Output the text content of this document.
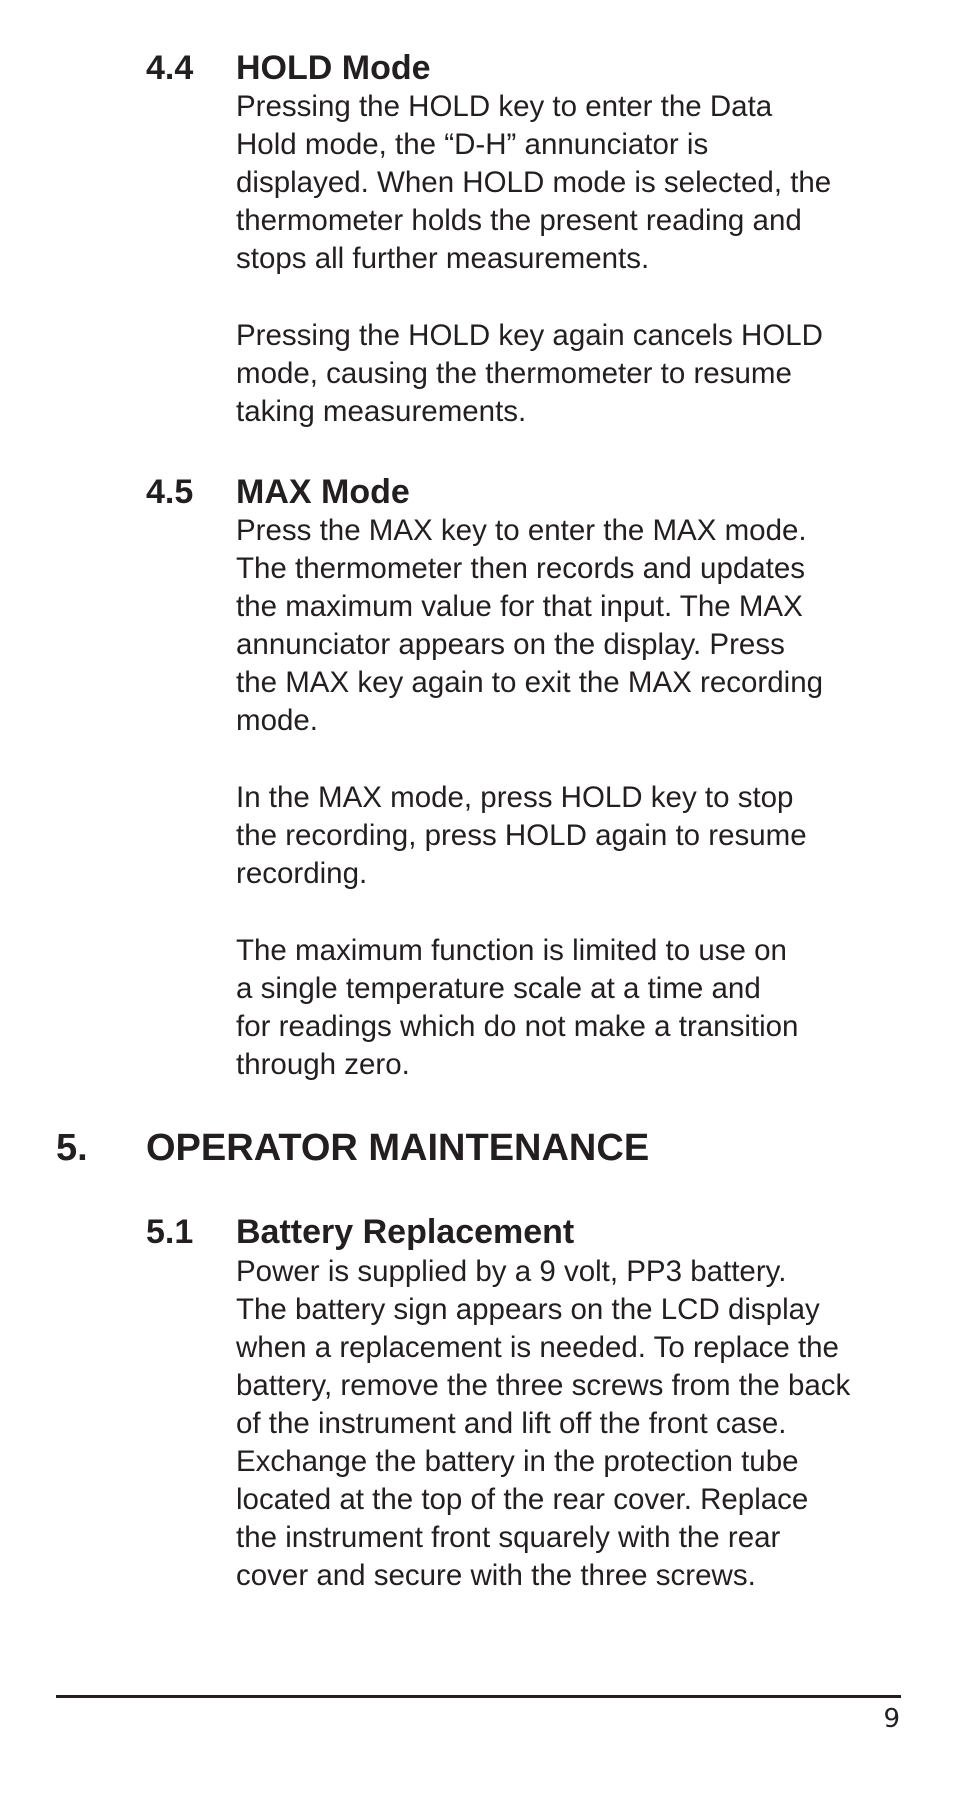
4.4 HOLD Mode
Pressing the HOLD key to enter the Data
Hold mode, the “D-H” annunciator is
displayed. When HOLD mode is selected, the
thermometer holds the present reading and
stops all further measurements.
Pressing the HOLD key again cancels HOLD
mode, causing the thermometer to resume
taking measurements.
4.5 MAX Mode
Press the MAX key to enter the MAX mode.
The thermometer then records and updates
the maximum value for that input. The MAX
annunciator appears on the display. Press
the MAX key again to exit the MAX recording
mode.
In the MAX mode, press HOLD key to stop
the recording, press HOLD again to resume
recording.
The maximum function is limited to use on
a single temperature scale at a time and
for readings which do not make a transition
through zero.
5. OPERATOR MAINTENANCE
5.1 Battery Replacement
Power is supplied by a 9 volt, PP3 battery.
The battery sign appears on the LCD display
when a replacement is needed. To replace the
battery, remove the three screws from the back
of the instrument and lift off the front case.
Exchange the battery in the protection tube
located at the top of the rear cover. Replace
the instrument front squarely with the rear
cover and secure with the three screws.
9
